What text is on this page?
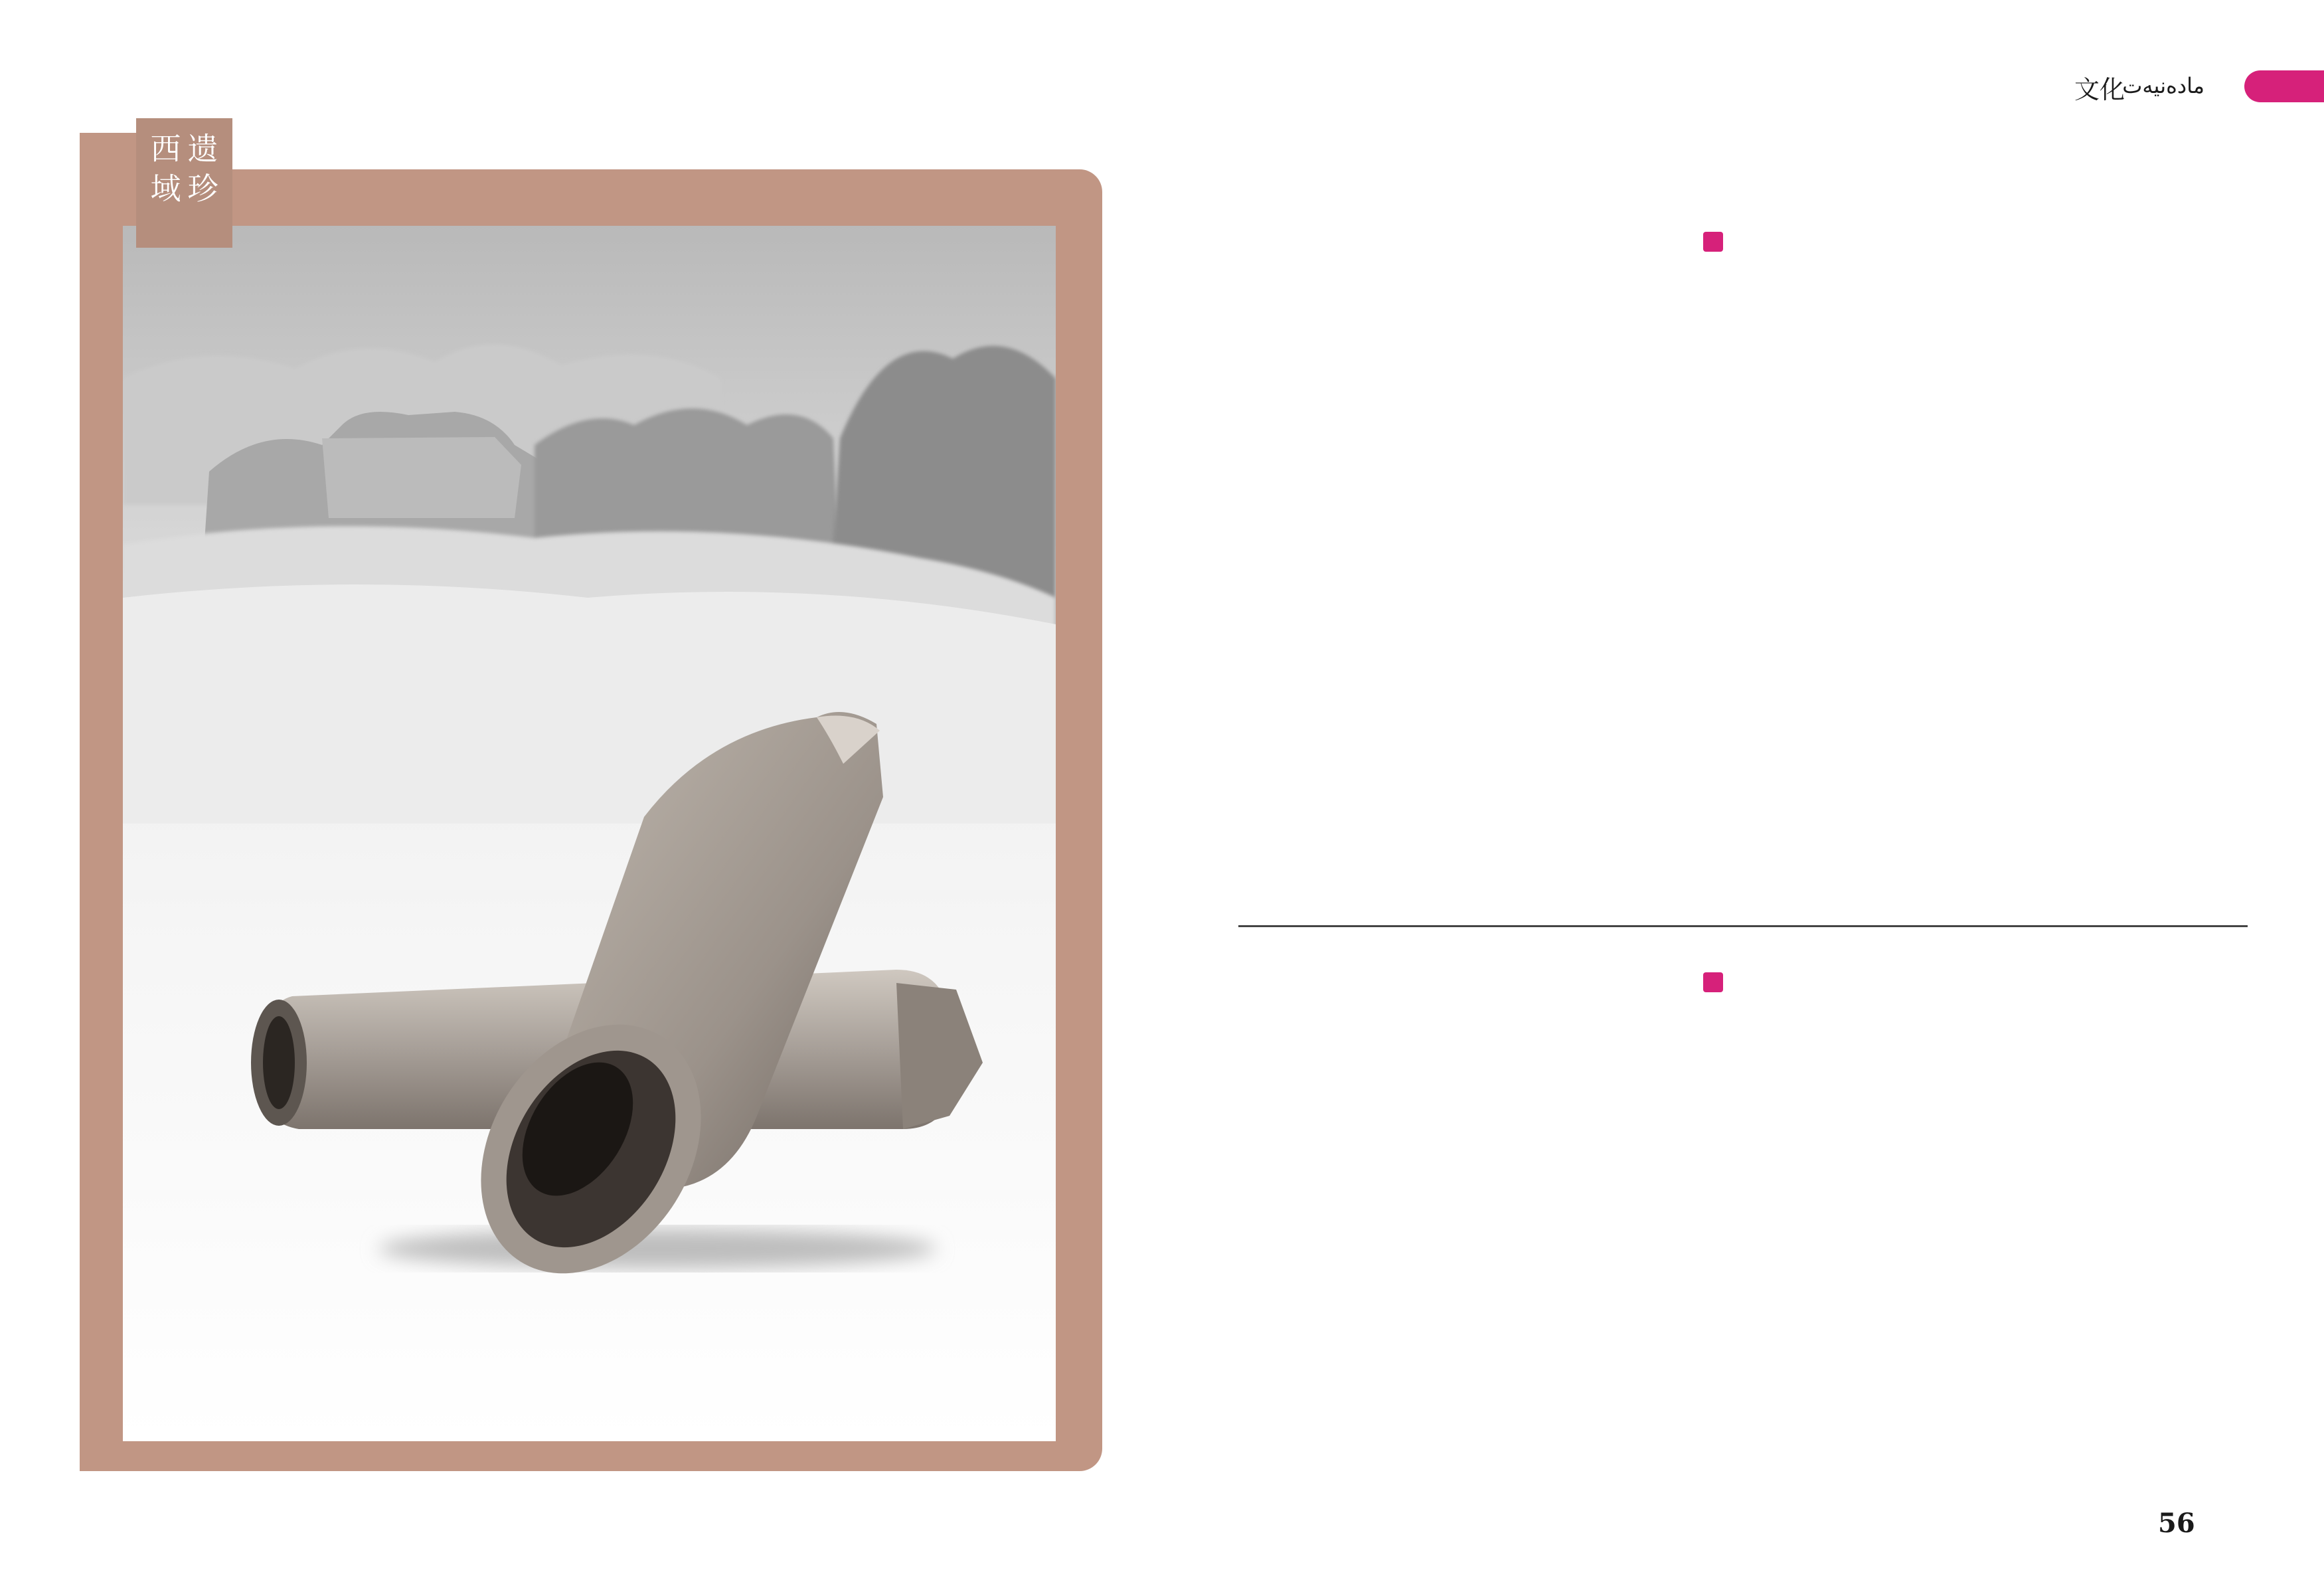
文化
مادەنيەت
西 遗
域 珍

56
